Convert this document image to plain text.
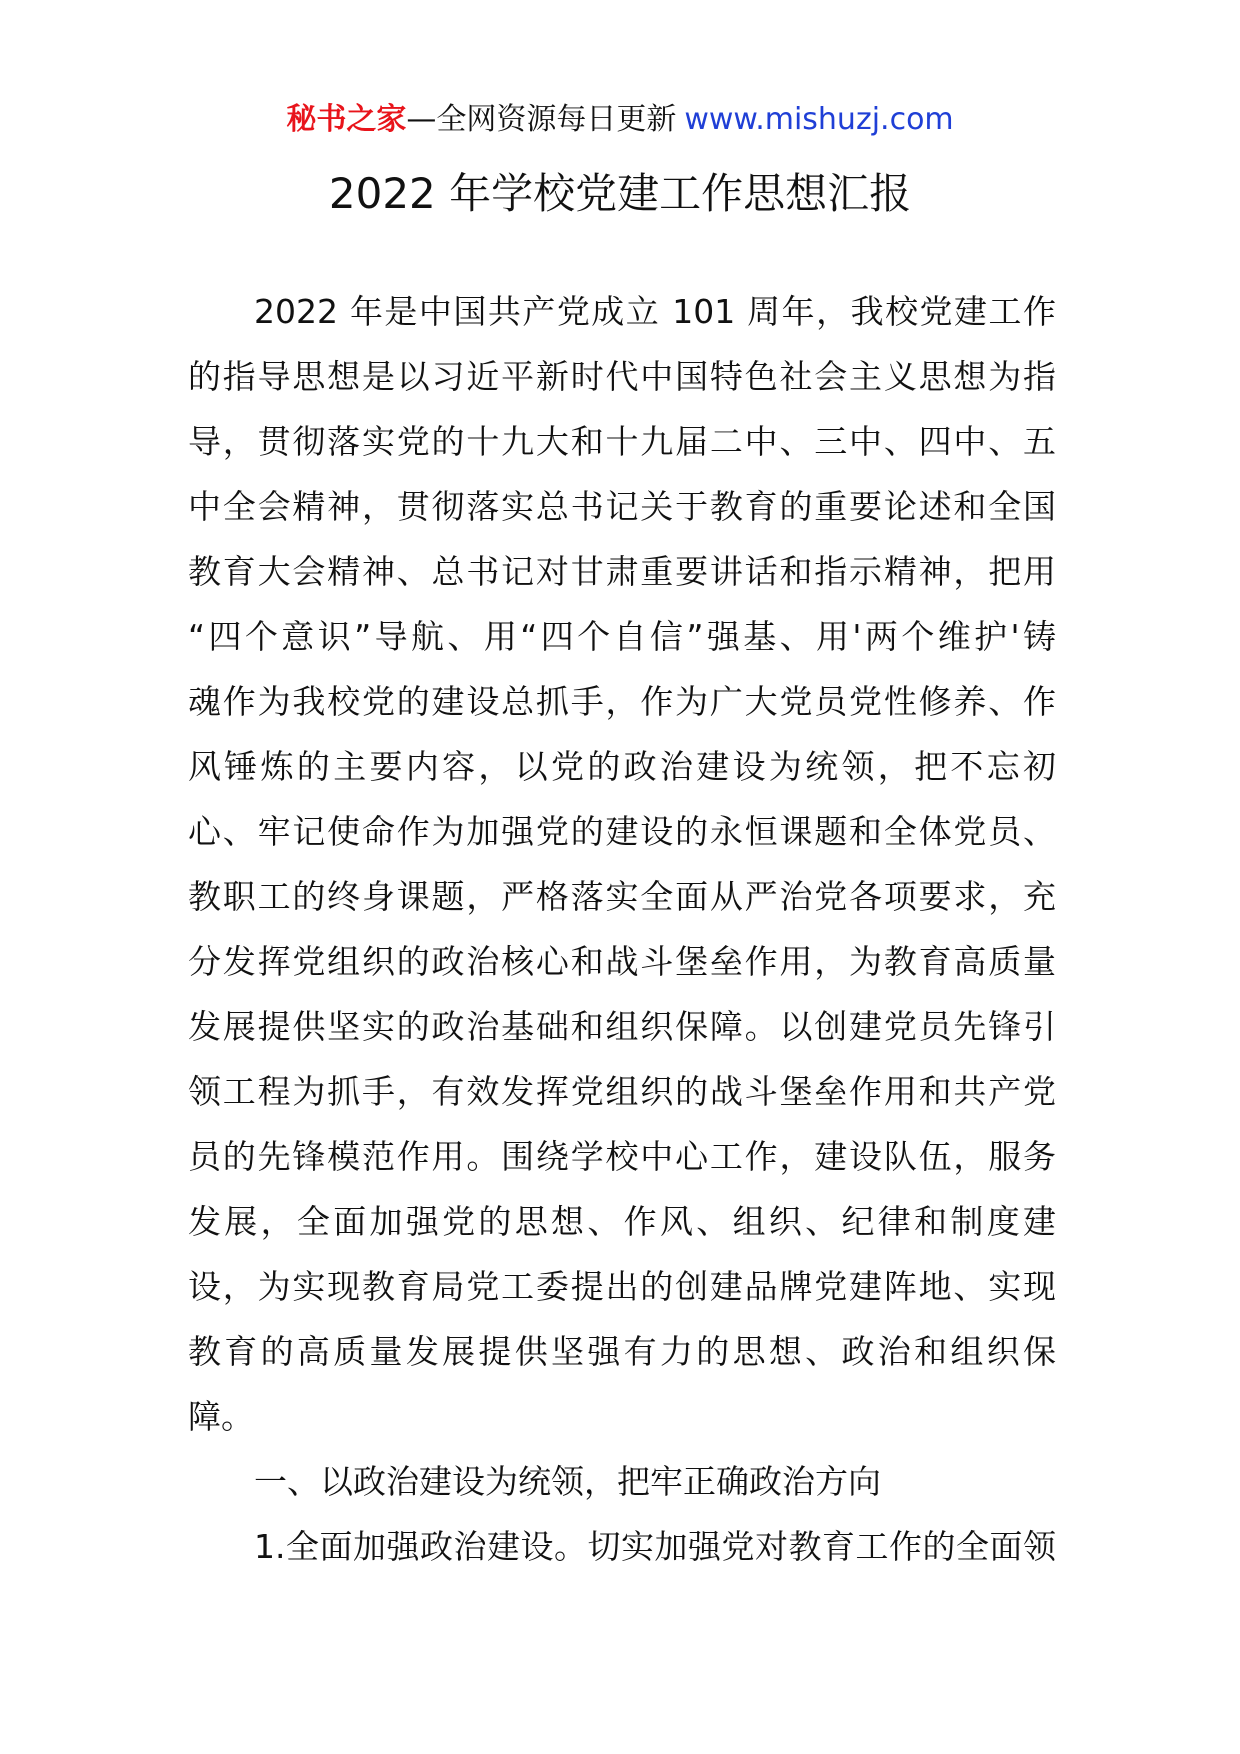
秘书之家—全网资源每日更新 www.mishuzj.com
2022 年学校党建工作思想汇报
2022 年是中国共产党成立 101 周年，我校党建工作
的指导思想是以习近平新时代中国特色社会主义思想为指
导，贯彻落实党的十九大和十九届二中、三中、四中、五
中全会精神，贯彻落实总书记关于教育的重要论述和全国
教育大会精神、总书记对甘肃重要讲话和指示精神，把用
“四个意识”导航、用“四个自信”强基、用'两个维护'铸
魂作为我校党的建设总抓手，作为广大党员党性修养、作
风锤炼的主要内容，以党的政治建设为统领，把不忘初
心、牢记使命作为加强党的建设的永恒课题和全体党员、
教职工的终身课题，严格落实全面从严治党各项要求，充
分发挥党组织的政治核心和战斗堡垒作用，为教育高质量
发展提供坚实的政治基础和组织保障。以创建党员先锋引
领工程为抓手，有效发挥党组织的战斗堡垒作用和共产党
员的先锋模范作用。围绕学校中心工作，建设队伍，服务
发展，全面加强党的思想、作风、组织、纪律和制度建
设，为实现教育局党工委提出的创建品牌党建阵地、实现
教育的高质量发展提供坚强有力的思想、政治和组织保
障。
一、以政治建设为统领，把牢正确政治方向
1.全面加强政治建设。切实加强党对教育工作的全面领
